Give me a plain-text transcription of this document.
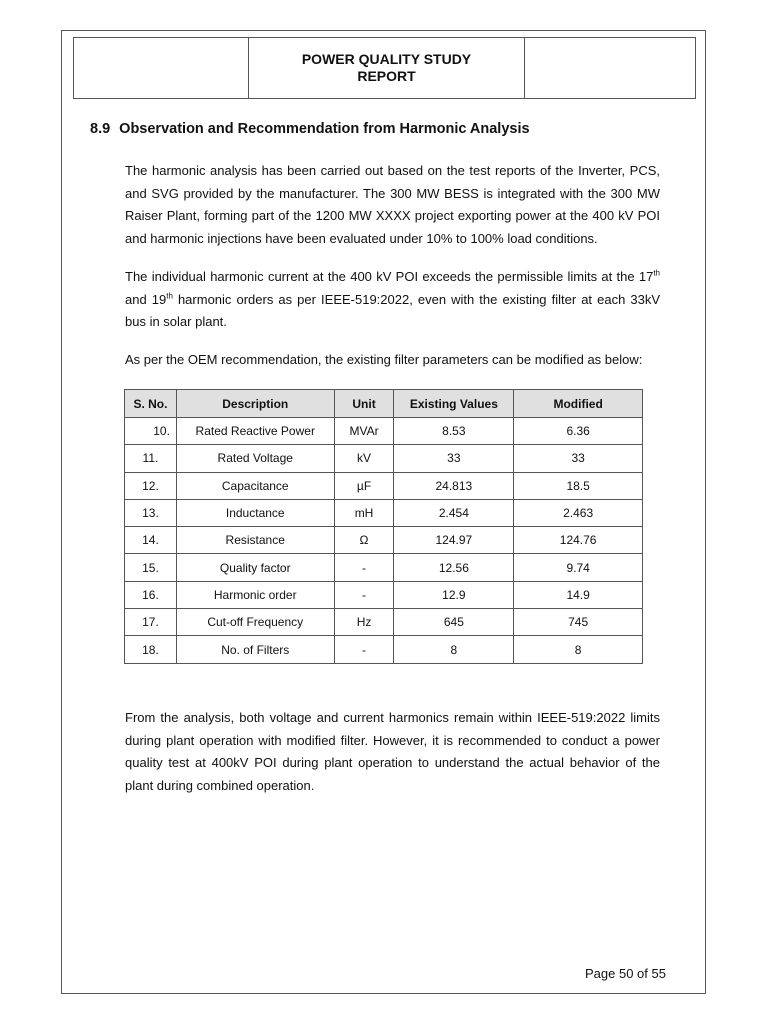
POWER QUALITY STUDY
REPORT
8.9 Observation and Recommendation from Harmonic Analysis

The harmonic analysis has been carried out based on the test reports of the Inverter, PCS, and SVG provided by the manufacturer. The 300 MW BESS is integrated with the 300 MW Raiser Plant, forming part of the 1200 MW XXXX project exporting power at the 400 kV POI and harmonic injections have been evaluated under 10% to 100% load conditions.

The individual harmonic current at the 400 kV POI exceeds the permissible limits at the 17th and 19th harmonic orders as per IEEE-519:2022, even with the existing filter at each 33kV bus in solar plant.

As per the OEM recommendation, the existing filter parameters can be modified as below:

S. No.	Description	Unit	Existing Values	Modified
10.	Rated Reactive Power	MVAr	8.53	6.36
11.	Rated Voltage	kV	33	33
12.	Capacitance	µF	24.813	18.5
13.	Inductance	mH	2.454	2.463
14.	Resistance	Ω	124.97	124.76
15.	Quality factor	-	12.56	9.74
16.	Harmonic order	-	12.9	14.9
17.	Cut-off Frequency	Hz	645	745
18.	No. of Filters	-	8	8

From the analysis, both voltage and current harmonics remain within IEEE-519:2022 limits during plant operation with modified filter. However, it is recommended to conduct a power quality test at 400kV POI during plant operation to understand the actual behavior of the plant during combined operation.

Page 50 of 55
